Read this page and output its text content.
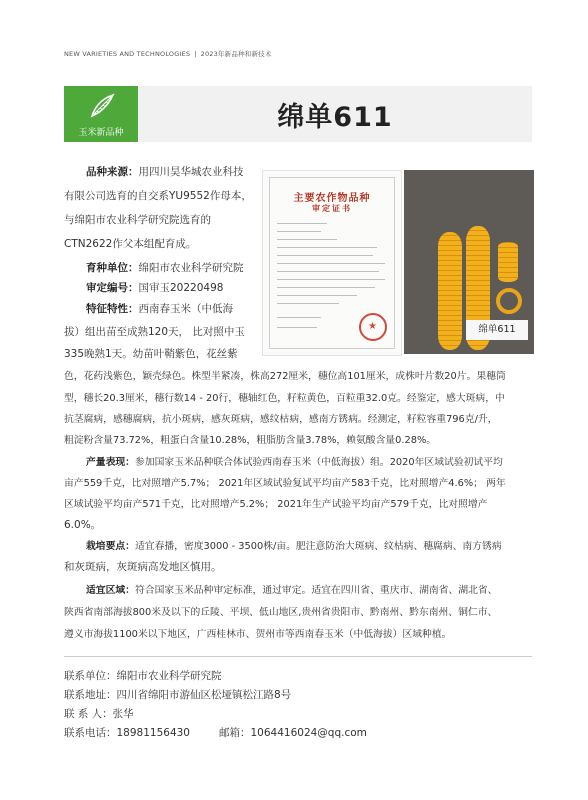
NEW VARIETIES AND TECHNOLOGIES | 2023年新品种和新技术
玉米新品种	绵单611
主要农作物品种
审定证书
★	绵单611
品种来源：用四川昊华城农业科技
有限公司选育的自交系YU9552作母本，
与绵阳市农业科学研究院选育的
CTN2622作父本组配育成。
育种单位：绵阳市农业科学研究院
审定编号：国审玉20220498
特征特性：西南春玉米（中低海
拔）组出苗至成熟120天， 比对照中玉
335晚熟1天。幼苗叶鞘紫色，花丝紫
色，花药浅紫色，颖壳绿色。株型半紧凑，株高272厘米，穗位高101厘米，成株叶片数20片。果穗筒
型，穗长20.3厘米，穗行数14 - 20行，穗轴红色，籽粒黄色，百粒重32.0克。经鉴定，感大斑病，中
抗茎腐病，感穗腐病，抗小斑病，感灰斑病，感纹枯病，感南方锈病。经测定，籽粒容重796克/升，
粗淀粉含量73.72%，粗蛋白含量10.28%，粗脂肪含量3.78%，赖氨酸含量0.28%。
产量表现：参加国家玉米品种联合体试验西南春玉米（中低海拔）组。2020年区域试验初试平均
亩产559千克，比对照增产5.7%； 2021年区域试验复试平均亩产583千克，比对照增产4.6%； 两年
区域试验平均亩产571千克，比对照增产5.2%； 2021年生产试验平均亩产579千克，比对照增产
6.0%。
栽培要点：适宜春播，密度3000 - 3500株/亩。肥注意防治大斑病、纹枯病、穗腐病、南方锈病
和灰斑病，灰斑病高发地区慎用。
适宜区域：符合国家玉米品种审定标准，通过审定。适宜在四川省、重庆市、湖南省、湖北省、
陕西省南部海拔800米及以下的丘陵、平坝、低山地区,贵州省贵阳市、黔南州、黔东南州、铜仁市、
遵义市海拔1100米以下地区，广西桂林市、贺州市等西南春玉米（中低海拔）区域种植。
联系单位：绵阳市农业科学研究院
联系地址：四川省绵阳市游仙区松垭镇松江路8号
联 系 人：张华
联系电话：18981156430	邮箱：1064416024@qq.com
